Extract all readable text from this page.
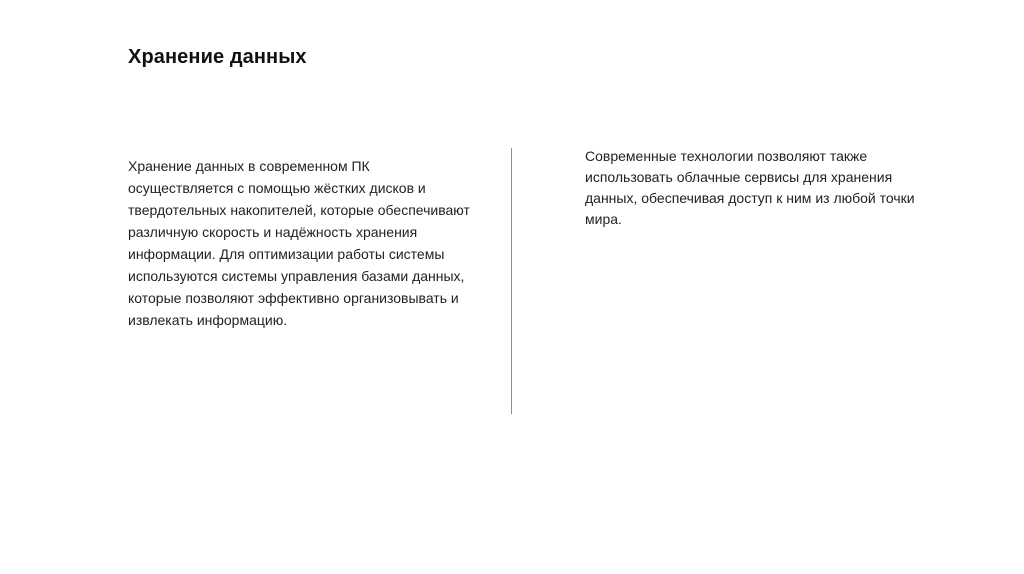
Хранение данных

Хранение данных в современном ПК осуществляется с помощью жёстких дисков и твердотельных накопителей, которые обеспечивают различную скорость и надёжность хранения информации. Для оптимизации работы системы используются системы управления базами данных, которые позволяют эффективно организовывать и извлекать информацию.

Современные технологии позволяют также использовать облачные сервисы для хранения данных, обеспечивая доступ к ним из любой точки мира.
